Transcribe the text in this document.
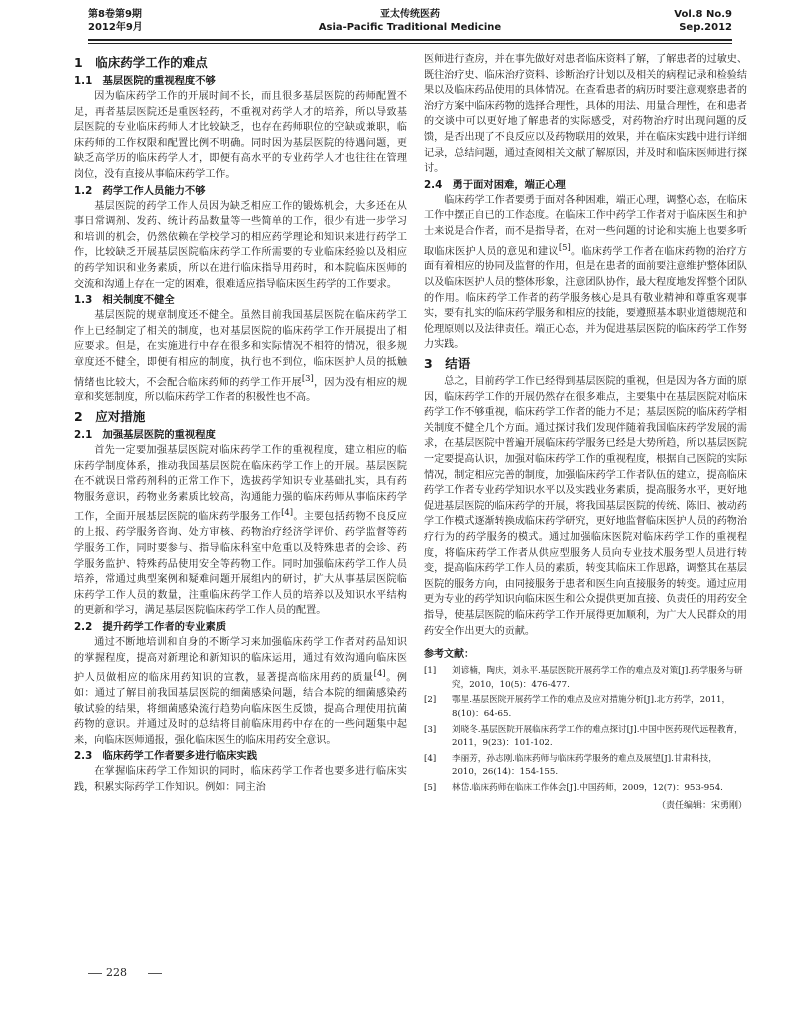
第8卷第9期
2012年9月
亚太传统医药
Asia-Pacific Traditional Medicine
Vol.8 No.9
Sep.2012
1　临床药学工作的难点
1.1　基层医院的重视程度不够

因为临床药学工作的开展时间不长，而且很多基层医院的药师配置不足，再者基层医院还是重医轻药，不重视对药学人才的培养，所以导致基层医院的专业临床药师人才比较缺乏，也存在药师职位的空缺或兼职，临床药师的工作权限和配置比例不明确。同时因为基层医院的待遇问题，更缺乏高学历的临床药学人才，即便有高水平的专业药学人才也往往在管理岗位，没有直接从事临床药学工作。

1.2　药学工作人员能力不够

基层医院的药学工作人员因为缺乏相应工作的锻炼机会，大多还在从事日常调剂、发药、统计药品数量等一些简单的工作，很少有进一步学习和培训的机会，仍然依赖在学校学习的相应药学理论和知识来进行药学工作，比较缺乏开展基层医院临床药学工作所需要的专业临床经验以及相应的药学知识和业务素质，所以在进行临床指导用药时，和本院临床医师的交流和沟通上存在一定的困难，很难适应指导临床医生药学的工作要求。

1.3　相关制度不健全

基层医院的规章制度还不健全。虽然目前我国基层医院在临床药学工作上已经制定了相关的制度，也对基层医院的临床药学工作开展提出了相应要求。但是，在实施进行中存在很多和实际情况不相符的情况，很多规章度还不健全，即便有相应的制度，执行也不到位，临床医护人员的抵触情绪也比较大，不会配合临床药师的药学工作开展[3]，因为没有相应的规章和奖惩制度，所以临床药学工作者的积极性也不高。

2　应对措施
2.1　加强基层医院的重视程度

首先一定要加强基层医院对临床药学工作的重视程度，建立相应的临床药学制度体系，推动我国基层医院在临床药学工作上的开展。基层医院在不就误日常药剂科的正常工作下，选拔药学知识专业基础扎实，具有药物服务意识，药物业务素质比较高，沟通能力强的临床药师从事临床药学工作，全面开展基层医院的临床药学服务工作[4]。主要包括药物不良反应的上报、药学服务咨询、处方审核、药物治疗经济学评价、药学监督等药学服务工作，同时要参与、指导临床科室中危重以及特殊患者的会诊、药学服务监护、特殊药品使用安全等药物工作。同时加强临床药学工作人员培养，常通过典型案例和疑难问题开展组内的研讨，扩大从事基层医院临床药学工作人员的数量，注重临床药学工作人员的培养以及知识水平结构的更新和学习，满足基层医院临床药学工作人员的配置。

2.2　提升药学工作者的专业素质

通过不断地培训和自身的不断学习来加强临床药学工作者对药品知识的掌握程度，提高对新理论和新知识的临床运用，通过有效沟通向临床医护人员做相应的临床用药知识的宣教，显著提高临床用药的质量[4]。例如：通过了解目前我国基层医院的细菌感染问题，结合本院的细菌感染药敏试验的结果，将细菌感染流行趋势向临床医生反馈，提高合理使用抗菌药物的意识。并通过及时的总结将目前临床用药中存在的一些问题集中起来，向临床医师通报，强化临床医生的临床用药安全意识。

2.3　临床药学工作者要多进行临床实践

在掌握临床药学工作知识的同时，临床药学工作者也要多进行临床实践，积累实际药学工作知识。例如：同主治

医师进行查房，并在事先做好对患者临床资料了解，了解患者的过敏史、既往治疗史、临床治疗资料、诊断治疗计划以及相关的病程记录和检验结果以及临床药品使用的具体情况。在查看患者的病历时要注意观察患者的治疗方案中临床药物的选择合理性，具体的用法、用量合理性，在和患者的交谈中可以更好地了解患者的实际感受，对药物治疗时出现问题的反馈，是否出现了不良反应以及药物联用的效果，并在临床实践中进行详细记录，总结问题，通过查阅相关文献了解原因，并及时和临床医师进行探讨。

2.4　勇于面对困难，端正心理

临床药学工作者要勇于面对各种困难，端正心理，调整心态，在临床工作中摆正自已的工作态度。在临床工作中药学工作者对于临床医生和护士来说是合作者，而不是指导者，在对一些问题的讨论和实施上也要多听取临床医护人员的意见和建议[5]。临床药学工作者在临床药物的治疗方面有着相应的协同及监督的作用，但是在患者的面前要注意维护整体团队以及临床医护人员的整体形象，注意团队协作，最大程度地发挥整个团队的作用。临床药学工作者的药学服务核心是具有敬业精神和尊重客观事实，要有扎实的临床药学服务和相应的技能，要遵照基本职业道德规范和伦理原则以及法律责任。端正心态，并为促进基层医院的临床药学工作努力实践。

3　结语

总之，目前药学工作已经得到基层医院的重视，但是因为各方面的原因，临床药学工作的开展仍然存在很多难点，主要集中在基层医院对临床药学工作不够重视，临床药学工作者的能力不足；基层医院的临床药学相关制度不健全几个方面。通过探讨我们发现伴随着我国临床药学发展的需求，在基层医院中普遍开展临床药学服务已经是大势所趋，所以基层医院一定要提高认识，加强对临床药学工作的重视程度，根据自己医院的实际情况，制定相应完善的制度，加强临床药学工作者队伍的建立，提高临床药学工作者专业药学知识水平以及实践业务素质，提高服务水平，更好地促进基层医院的临床药学的开展，将我国基层医院的传统、陈旧、被动药学工作模式逐渐转换成临床药学研究，更好地监督临床医护人员的药物治疗行为的药学服务的模式。通过加强临床医院对临床药学工作的重视程度，将临床药学工作者从供应型服务人员向专业技术服务型人员进行转变，提高临床药学工作人员的素质，转变其临床工作思路，调整其在基层医院的服务方向，由同接服务于患者和医生向直接服务的转变。通过应用更为专业的药学知识向临床医生和公众提供更加直接、负责任的用药安全指导，使基层医院的临床药学工作开展得更加顺利，为广大人民群众的用药安全作出更大的贡献。

参考文献：
[1]	刘谚楠，陶庆，刘永平.基层医院开展药学工作的难点及对策[J].药学服务与研究，2010，10(5)：476-477.
[2]	鄂星.基层医院开展药学工作的难点及应对措施分析[J].北方药学，2011，8(10)：64-65.
[3]	刘晓冬.基层医院开展临床药学工作的难点探讨[J].中国中医药现代远程教育，2011，9(23)：101-102.
[4]	李丽芳，孙志刚.临床药师与临床药学服务的难点及展望[J].甘肃科技，2010，26(14)：154-155.
[5]	林岱.临床药师在临床工作体会[J].中国药师，2009，12(7)：953-954.
（责任编辑：宋勇刚）
228
